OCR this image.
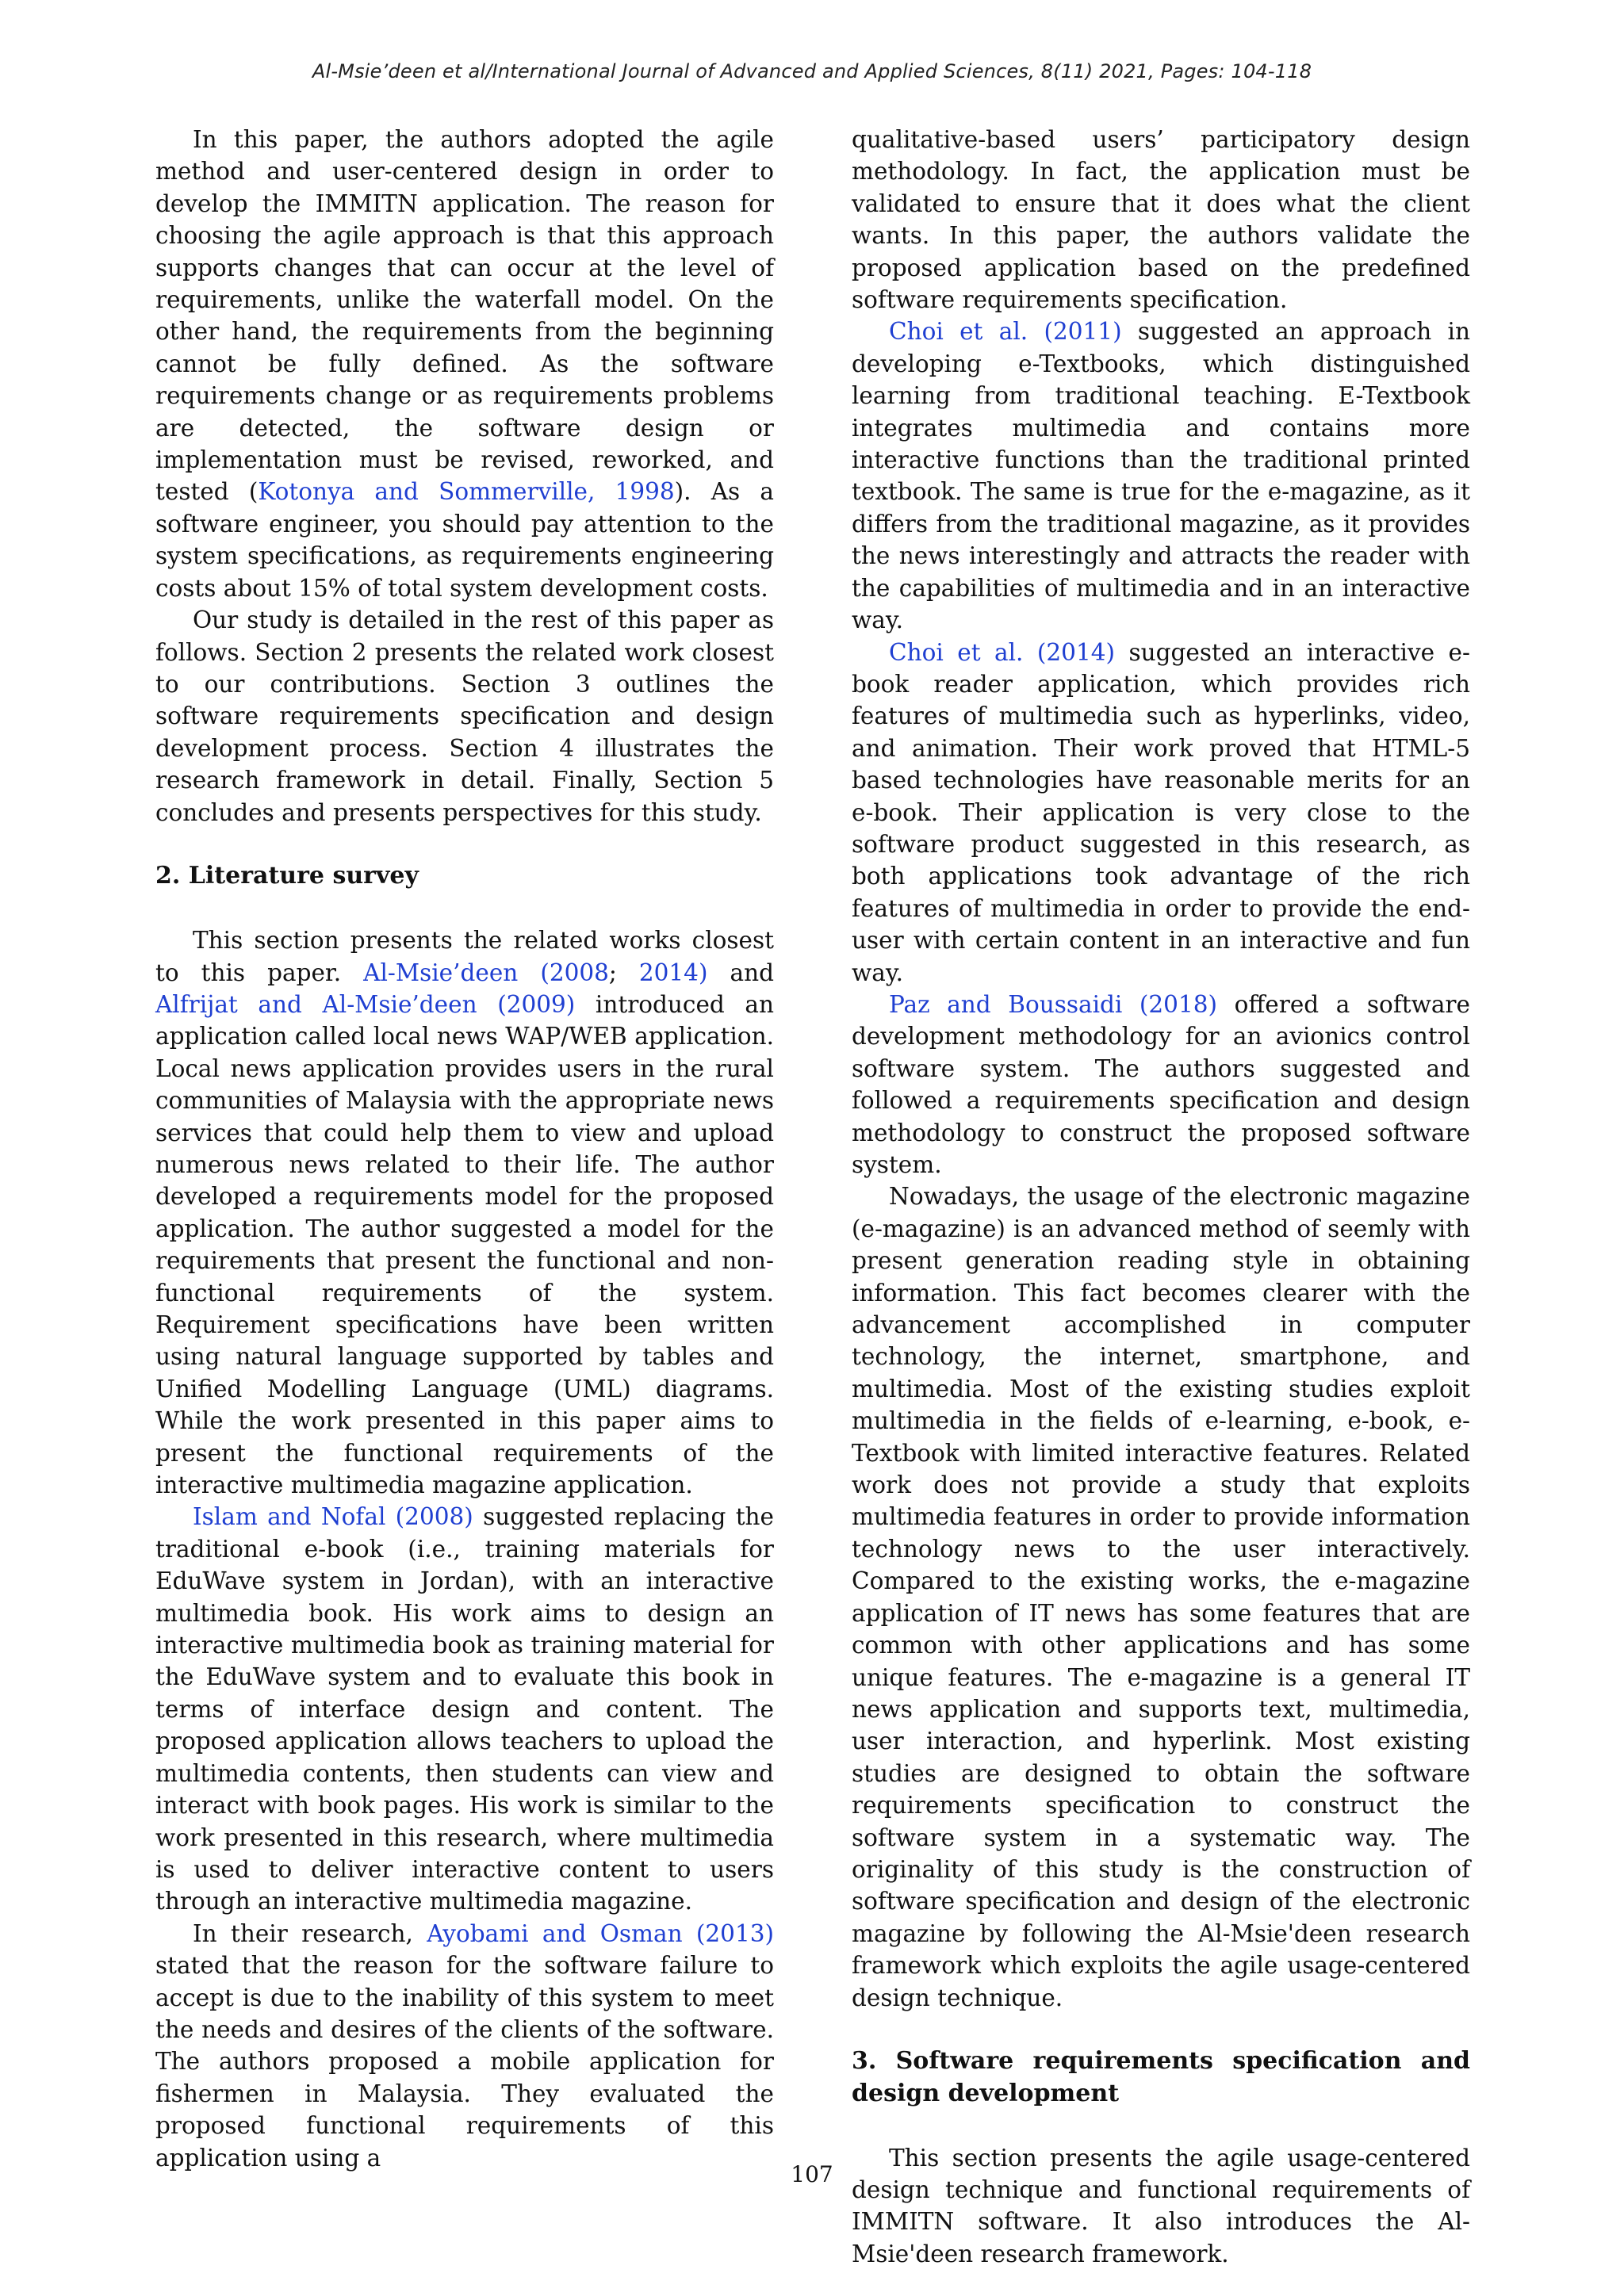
Al-Msie’deen et al/International Journal of Advanced and Applied Sciences, 8(11) 2021, Pages: 104-118

In this paper, the authors adopted the agile method and user-centered design in order to develop the IMMITN application. The reason for choosing the agile approach is that this approach supports changes that can occur at the level of requirements, unlike the waterfall model. On the other hand, the requirements from the beginning cannot be fully defined. As the software requirements change or as requirements problems are detected, the software design or implementation must be revised, reworked, and tested (Kotonya and Sommerville, 1998). As a software engineer, you should pay attention to the system specifications, as requirements engineering costs about 15% of total system development costs.

Our study is detailed in the rest of this paper as follows. Section 2 presents the related work closest to our contributions. Section 3 outlines the software requirements specification and design development process. Section 4 illustrates the research framework in detail. Finally, Section 5 concludes and presents perspectives for this study.

2. Literature survey

This section presents the related works closest to this paper. Al-Msie’deen (2008; 2014) and Alfrijat and Al-Msie’deen (2009) introduced an application called local news WAP/WEB application. Local news application provides users in the rural communities of Malaysia with the appropriate news services that could help them to view and upload numerous news related to their life. The author developed a requirements model for the proposed application. The author suggested a model for the requirements that present the functional and non-functional requirements of the system. Requirement specifications have been written using natural language supported by tables and Unified Modelling Language (UML) diagrams. While the work presented in this paper aims to present the functional requirements of the interactive multimedia magazine application.

Islam and Nofal (2008) suggested replacing the traditional e-book (i.e., training materials for EduWave system in Jordan), with an interactive multimedia book. His work aims to design an interactive multimedia book as training material for the EduWave system and to evaluate this book in terms of interface design and content. The proposed application allows teachers to upload the multimedia contents, then students can view and interact with book pages. His work is similar to the work presented in this research, where multimedia is used to deliver interactive content to users through an interactive multimedia magazine.

In their research, Ayobami and Osman (2013) stated that the reason for the software failure to accept is due to the inability of this system to meet the needs and desires of the clients of the software. The authors proposed a mobile application for fishermen in Malaysia. They evaluated the proposed functional requirements of this application using a

qualitative-based users’ participatory design methodology. In fact, the application must be validated to ensure that it does what the client wants. In this paper, the authors validate the proposed application based on the predefined software requirements specification.

Choi et al. (2011) suggested an approach in developing e-Textbooks, which distinguished learning from traditional teaching. E-Textbook integrates multimedia and contains more interactive functions than the traditional printed textbook. The same is true for the e-magazine, as it differs from the traditional magazine, as it provides the news interestingly and attracts the reader with the capabilities of multimedia and in an interactive way.

Choi et al. (2014) suggested an interactive e-book reader application, which provides rich features of multimedia such as hyperlinks, video, and animation. Their work proved that HTML-5 based technologies have reasonable merits for an e-book. Their application is very close to the software product suggested in this research, as both applications took advantage of the rich features of multimedia in order to provide the end-user with certain content in an interactive and fun way.

Paz and Boussaidi (2018) offered a software development methodology for an avionics control software system. The authors suggested and followed a requirements specification and design methodology to construct the proposed software system.

Nowadays, the usage of the electronic magazine (e-magazine) is an advanced method of seemly with present generation reading style in obtaining information. This fact becomes clearer with the advancement accomplished in computer technology, the internet, smartphone, and multimedia. Most of the existing studies exploit multimedia in the fields of e-learning, e-book, e-Textbook with limited interactive features. Related work does not provide a study that exploits multimedia features in order to provide information technology news to the user interactively. Compared to the existing works, the e-magazine application of IT news has some features that are common with other applications and has some unique features. The e-magazine is a general IT news application and supports text, multimedia, user interaction, and hyperlink. Most existing studies are designed to obtain the software requirements specification to construct the software system in a systematic way. The originality of this study is the construction of software specification and design of the electronic magazine by following the Al-Msie'deen research framework which exploits the agile usage-centered design technique.

3. Software requirements specification and design development

This section presents the agile usage-centered design technique and functional requirements of IMMITN software. It also introduces the Al-Msie'deen research framework.

107
